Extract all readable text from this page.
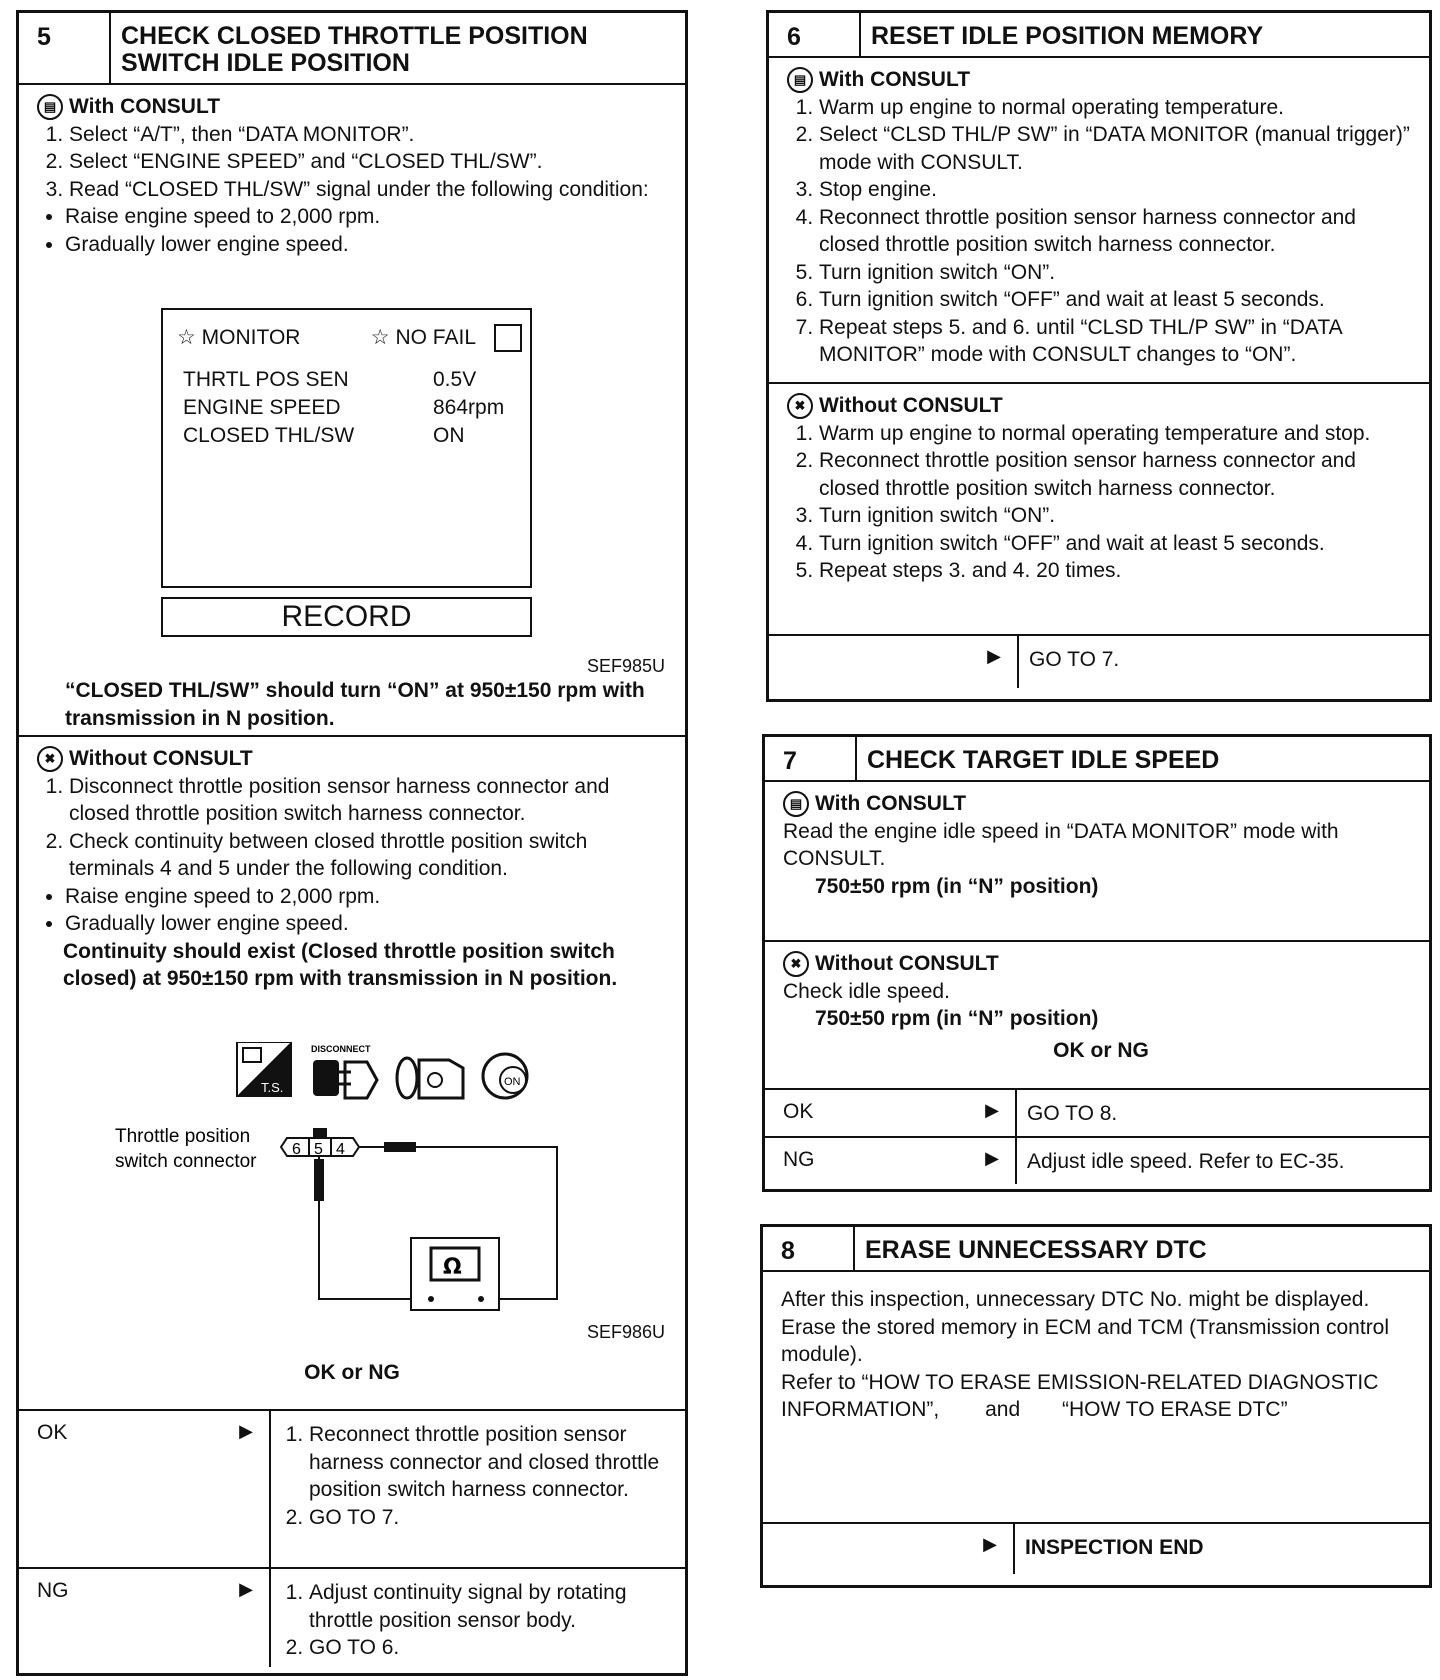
5	CHECK CLOSED THROTTLE POSITION SWITCH IDLE POSITION
▤ With CONSULT
1. Select “A/T”, then “DATA MONITOR”.
2. Select “ENGINE SPEED” and “CLOSED THL/SW”.
3. Read “CLOSED THL/SW” signal under the following condition:
• Raise engine speed to 2,000 rpm.
• Gradually lower engine speed.
☆ MONITOR	☆ NO FAIL
THRTL POS SEN	0.5V
ENGINE SPEED	864rpm
CLOSED THL/SW	ON
RECORD
SEF985U
“CLOSED THL/SW” should turn “ON” at 950±150 rpm with transmission in N position.
✖ Without CONSULT
1. Disconnect throttle position sensor harness connector and closed throttle position switch harness connector.
2. Check continuity between closed throttle position switch terminals 4 and 5 under the following condition.
• Raise engine speed to 2,000 rpm.
• Gradually lower engine speed.
Continuity should exist (Closed throttle position switch closed) at 950±150 rpm with transmission in N position.
T.S.
DISCONNECT
ON
Throttle position
switch connector
6 5 4
Ω
SEF986U
OK or NG
OK	▶	1. Reconnect throttle position sensor harness connector and closed throttle position switch harness connector.
2. GO TO 7.
NG	▶	1. Adjust continuity signal by rotating throttle position sensor body.
2. GO TO 6.
6	RESET IDLE POSITION MEMORY
▤ With CONSULT
1. Warm up engine to normal operating temperature.
2. Select “CLSD THL/P SW” in “DATA MONITOR (manual trigger)” mode with CONSULT.
3. Stop engine.
4. Reconnect throttle position sensor harness connector and closed throttle position switch harness connector.
5. Turn ignition switch “ON”.
6. Turn ignition switch “OFF” and wait at least 5 seconds.
7. Repeat steps 5. and 6. until “CLSD THL/P SW” in “DATA MONITOR” mode with CONSULT changes to “ON”.
✖ Without CONSULT
1. Warm up engine to normal operating temperature and stop.
2. Reconnect throttle position sensor harness connector and closed throttle position switch harness connector.
3. Turn ignition switch “ON”.
4. Turn ignition switch “OFF” and wait at least 5 seconds.
5. Repeat steps 3. and 4. 20 times.
▶	GO TO 7.
7	CHECK TARGET IDLE SPEED
▤ With CONSULT
Read the engine idle speed in “DATA MONITOR” mode with CONSULT.
750±50 rpm (in “N” position)
✖ Without CONSULT
Check idle speed.
750±50 rpm (in “N” position)
OK or NG
OK	▶	GO TO 8.
NG	▶	Adjust idle speed. Refer to EC-35.
8	ERASE UNNECESSARY DTC
After this inspection, unnecessary DTC No. might be displayed.
Erase the stored memory in ECM and TCM (Transmission control module).
Refer to “HOW TO ERASE EMISSION-RELATED DIAGNOSTIC INFORMATION”, and “HOW TO ERASE DTC”
▶	INSPECTION END
